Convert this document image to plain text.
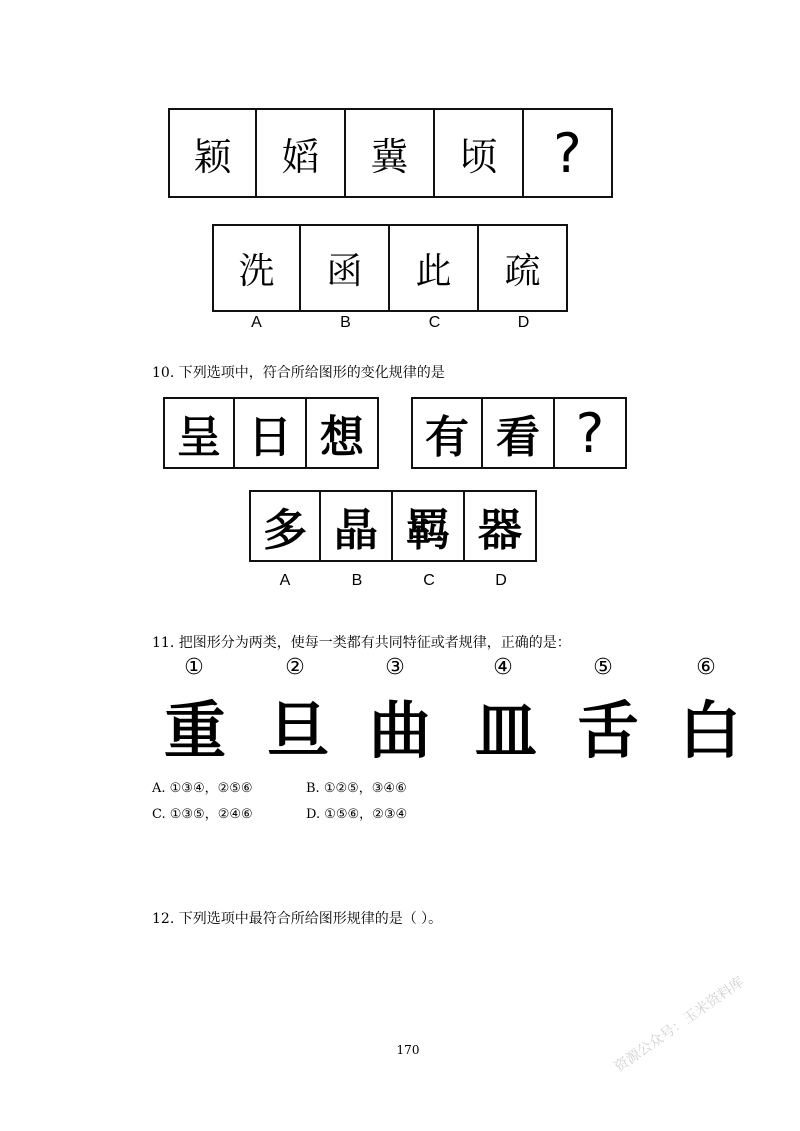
颖	嫍	冀	顷	?
洗	函	此	疏
A	B	C	D
10. 下列选项中，符合所给图形的变化规律的是
呈 日 想	有 看 ?
多 晶 羁 器
A	B	C	D
11. 把图形分为两类，使每一类都有共同特征或者规律，正确的是：
①	②	③	④	⑤	⑥
重 旦 曲 皿 舌 白
A. ①③④，②⑤⑥	B. ①②⑤，③④⑥
C. ①③⑤，②④⑥	D. ①⑤⑥，②③④
12. 下列选项中最符合所给图形规律的是（ ）。
170	资源公众号：玉米资料库
